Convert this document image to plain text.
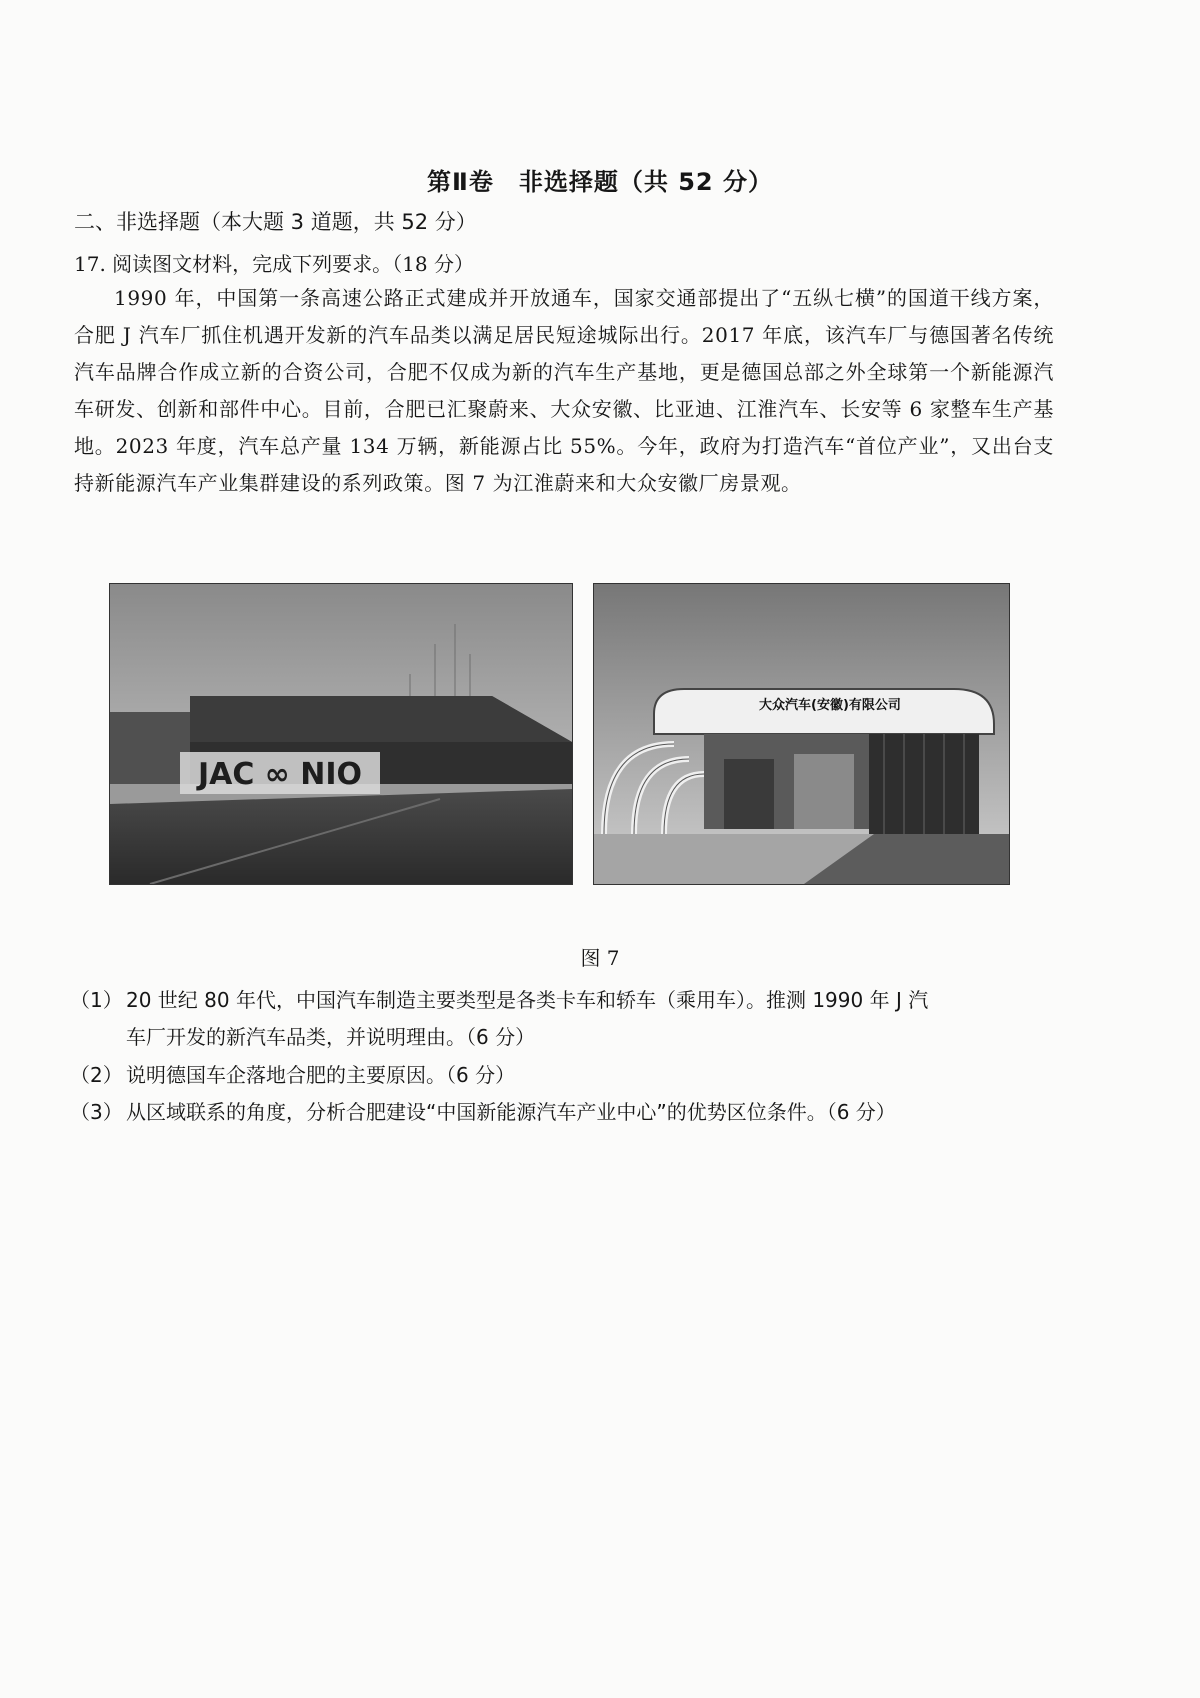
第Ⅱ卷　非选择题（共 52 分）
二、非选择题（本大题 3 道题，共 52 分）
17. 阅读图文材料，完成下列要求。（18 分）
1990 年，中国第一条高速公路正式建成并开放通车，国家交通部提出了“五纵七横”的国道干线方案，合肥 J 汽车厂抓住机遇开发新的汽车品类以满足居民短途城际出行。2017 年底，该汽车厂与德国著名传统汽车品牌合作成立新的合资公司，合肥不仅成为新的汽车生产基地，更是德国总部之外全球第一个新能源汽车研发、创新和部件中心。目前，合肥已汇聚蔚来、大众安徽、比亚迪、江淮汽车、长安等 6 家整车生产基地。2023 年度，汽车总产量 134 万辆，新能源占比 55%。今年，政府为打造汽车“首位产业”，又出台支持新能源汽车产业集群建设的系列政策。图 7 为江淮蔚来和大众安徽厂房景观。
JAC ∞ NIO
大众汽车(安徽)有限公司
图 7
（1） 20 世纪 80 年代，中国汽车制造主要类型是各类卡车和轿车（乘用车）。推测 1990 年 J 汽
车厂开发的新汽车品类，并说明理由。（6 分）
（2） 说明德国车企落地合肥的主要原因。（6 分）
（3） 从区域联系的角度，分析合肥建设“中国新能源汽车产业中心”的优势区位条件。（6 分）
